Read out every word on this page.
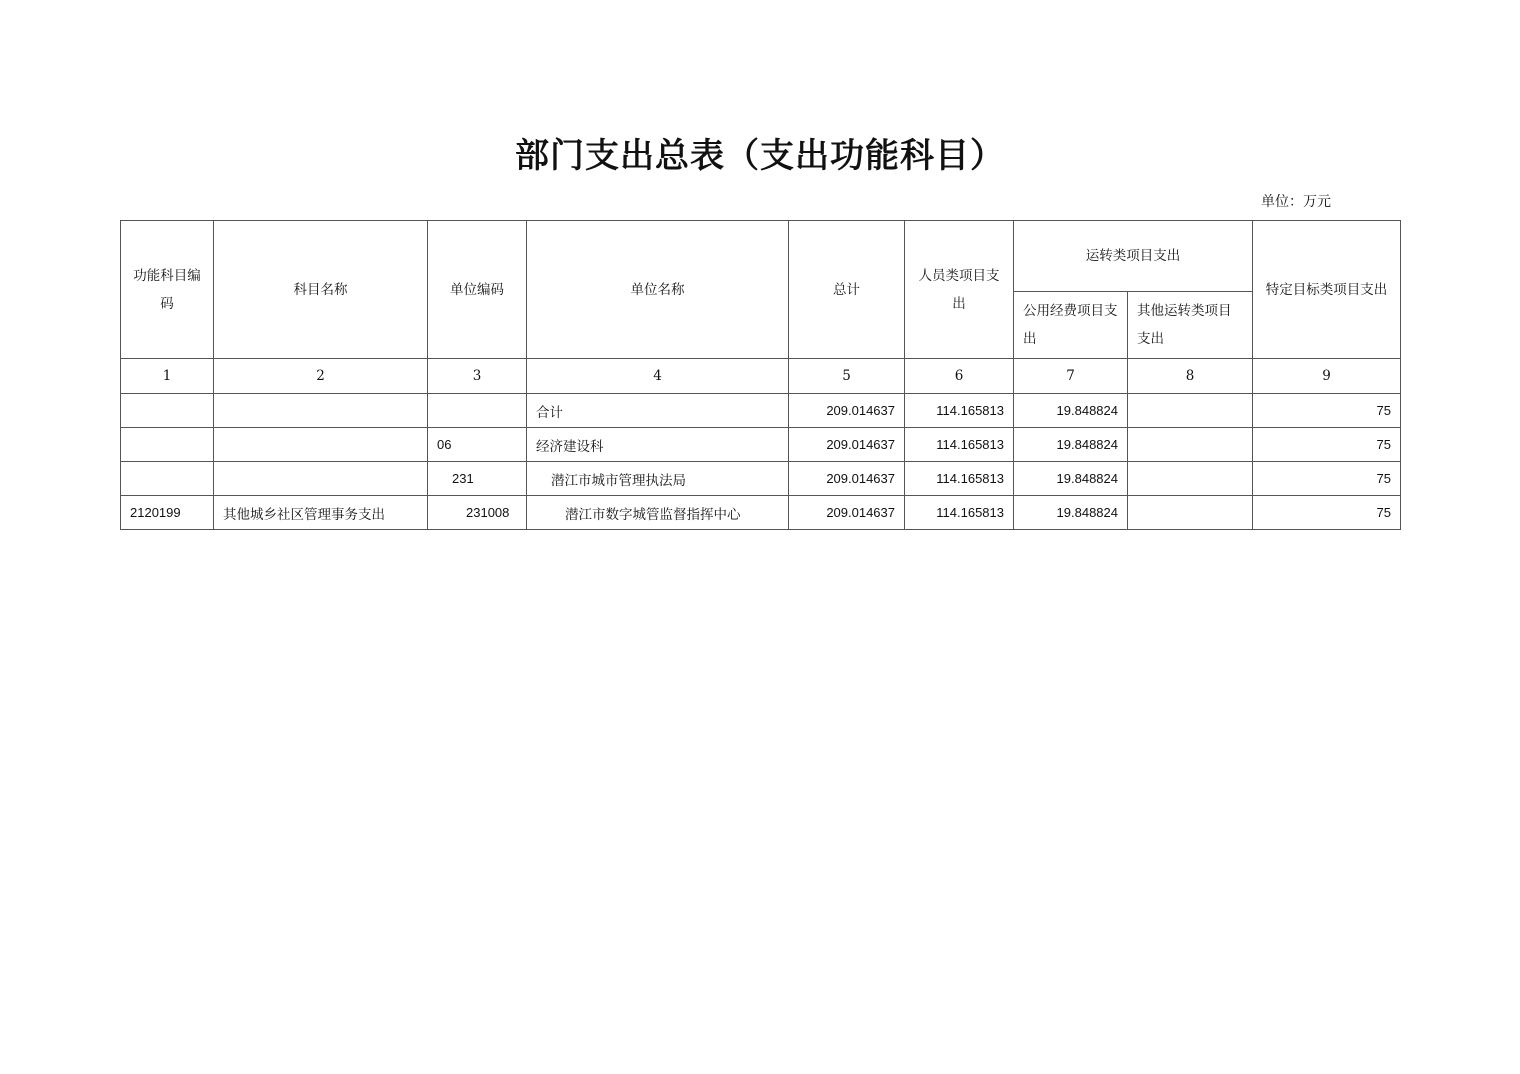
部门支出总表（支出功能科目）
单位：万元
功能科目编码	科目名称	单位编码	单位名称	总计	人员类项目支出	运转类项目支出		特定目标类项目支出
						公用经费项目支出	其他运转类项目支出	
1	2	3	4	5	6	7	8	9
			合计	209.014637	114.165813	19.848824		75
		06	经济建设科	209.014637	114.165813	19.848824		75
		231	潜江市城市管理执法局	209.014637	114.165813	19.848824		75
2120199	其他城乡社区管理事务支出	231008	潜江市数字城管监督指挥中心	209.014637	114.165813	19.848824		75
